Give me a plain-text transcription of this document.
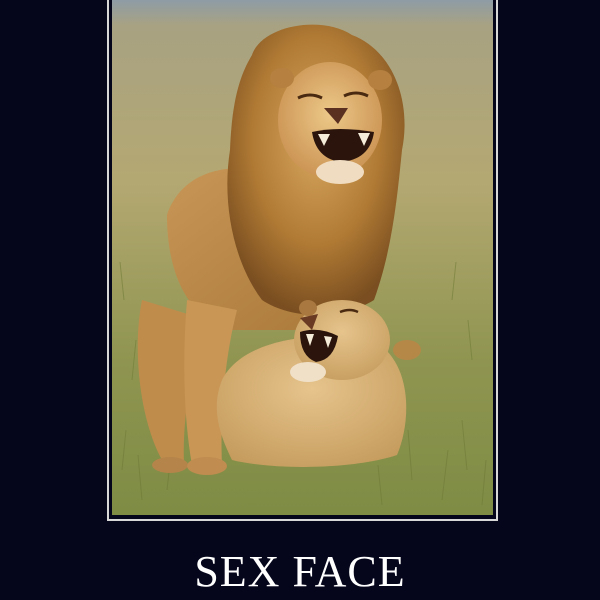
SEX FACE
